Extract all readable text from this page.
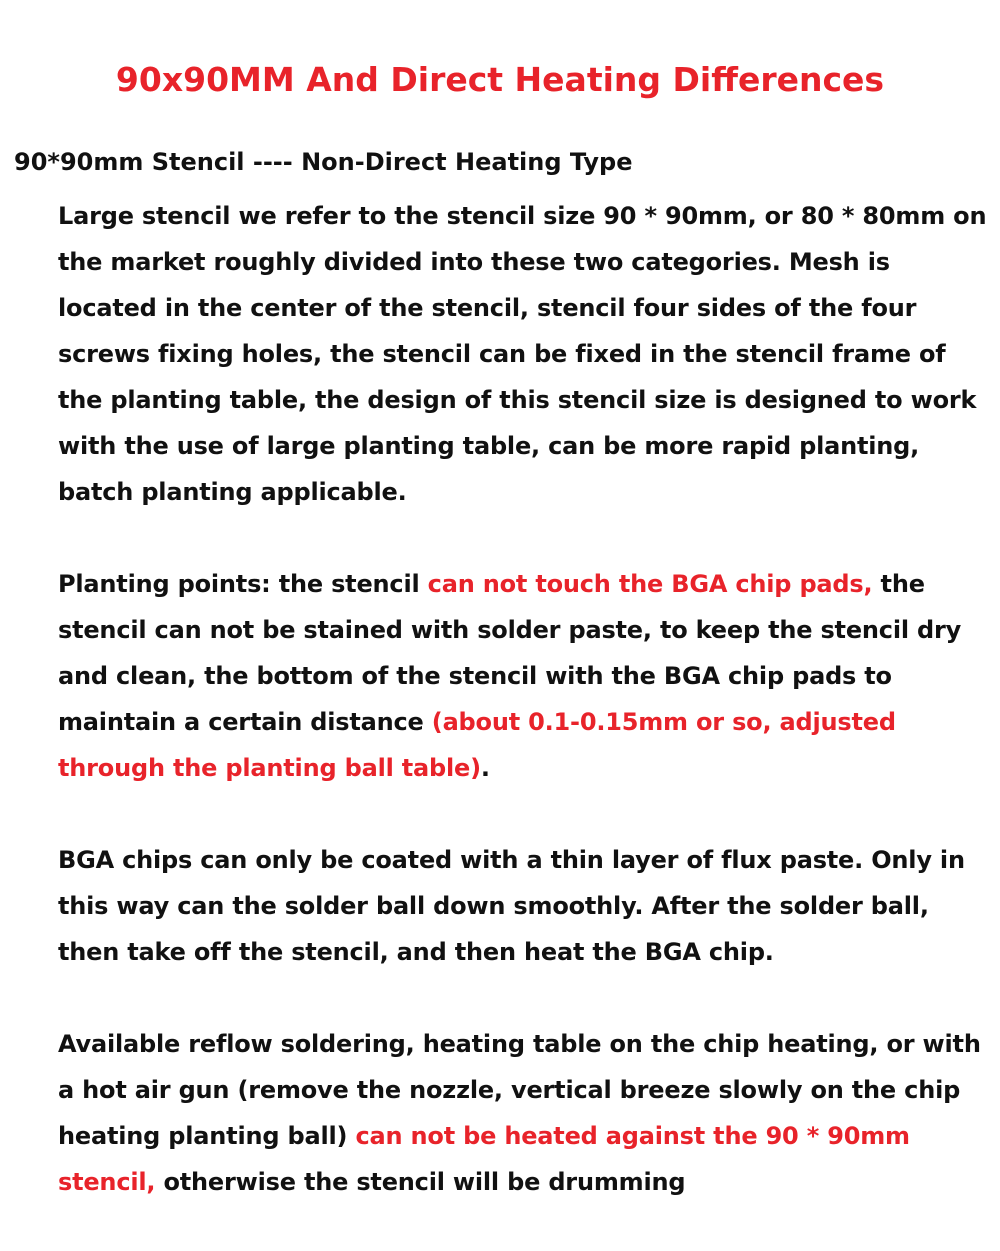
90x90MM And Direct Heating Differences

90*90mm Stencil ---- Non-Direct Heating Type

Large stencil we refer to the stencil size 90 * 90mm, or 80 * 80mm on the market roughly divided into these two categories. Mesh is located in the center of the stencil, stencil four sides of the four screws fixing holes, the stencil can be fixed in the stencil frame of the planting table, the design of this stencil size is designed to work with the use of large planting table, can be more rapid planting, batch planting applicable.

Planting points: the stencil can not touch the BGA chip pads, the stencil can not be stained with solder paste, to keep the stencil dry and clean, the bottom of the stencil with the BGA chip pads to maintain a certain distance (about 0.1-0.15mm or so, adjusted through the planting ball table).

BGA chips can only be coated with a thin layer of flux paste. Only in this way can the solder ball down smoothly. After the solder ball, then take off the stencil, and then heat the BGA chip.

Available reflow soldering, heating table on the chip heating, or with a hot air gun (remove the nozzle, vertical breeze slowly on the chip heating planting ball) can not be heated against the 90 * 90mm stencil, otherwise the stencil will be drumming
